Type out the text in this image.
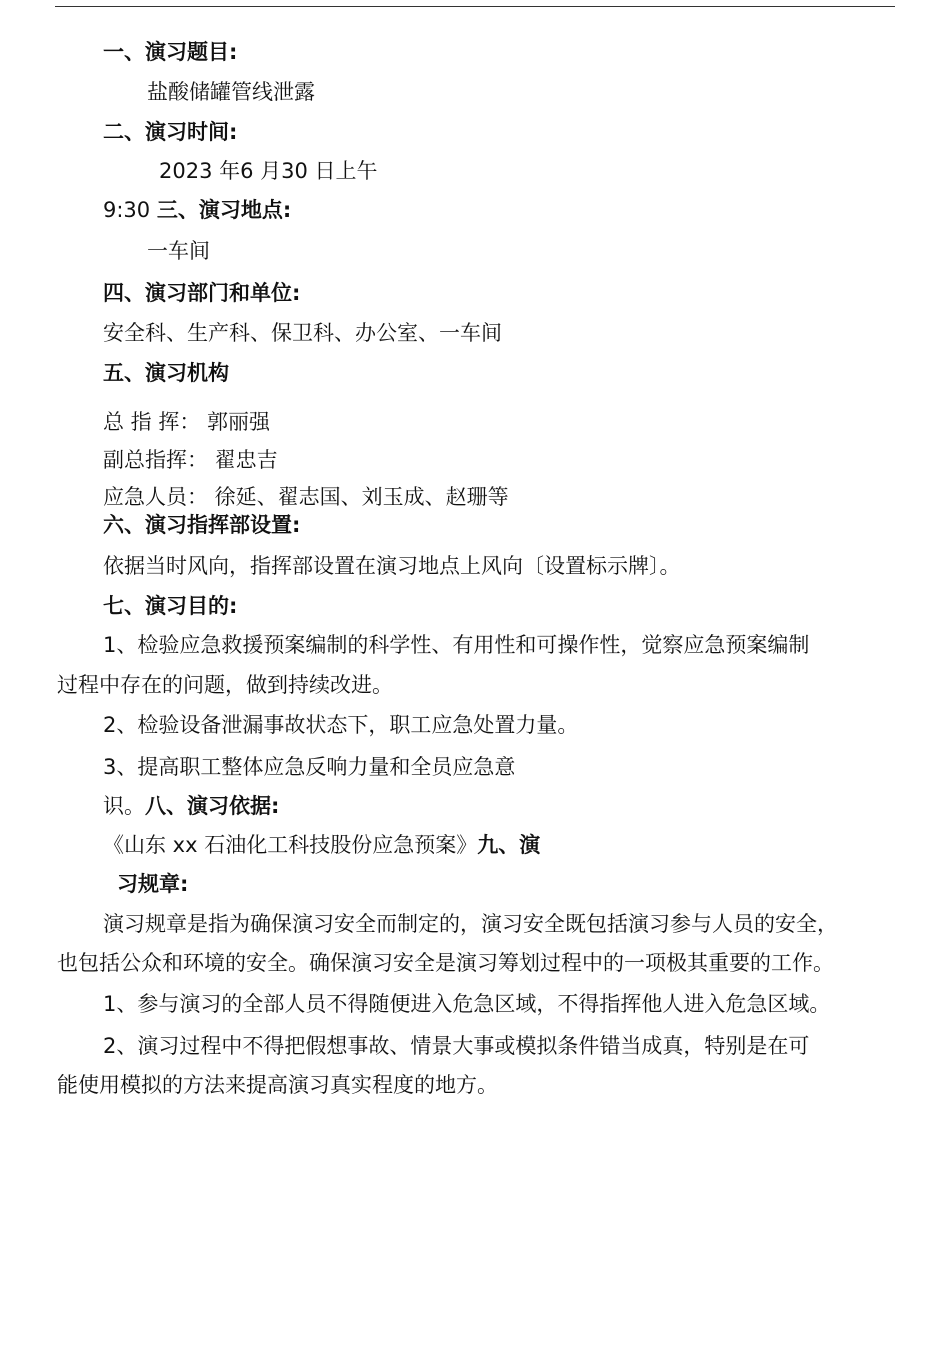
一、演习题目:
盐酸储罐管线泄露
二、演习时间:
2023 年6 月30 日上午
9:30 三、演习地点:
一车间
四、演习部门和单位:
安全科、生产科、保卫科、办公室、一车间
五、演习机构
总 指 挥： 郭丽强
副总指挥： 翟忠吉
应急人员： 徐延、翟志国、刘玉成、赵珊等
六、演习指挥部设置:
依据当时风向，指挥部设置在演习地点上风向〔设置标示牌〕。
七、演习目的:
1、检验应急救援预案编制的科学性、有用性和可操作性，觉察应急预案编制
过程中存在的问题，做到持续改进。
2、检验设备泄漏事故状态下，职工应急处置力量。
3、提高职工整体应急反响力量和全员应急意
识。八、演习依据:
《山东 xx 石油化工科技股份应急预案》九、演
习规章:
演习规章是指为确保演习安全而制定的，演习安全既包括演习参与人员的安全，
也包括公众和环境的安全。确保演习安全是演习筹划过程中的一项极其重要的工作。
1、参与演习的全部人员不得随便进入危急区域，不得指挥他人进入危急区域。
2、演习过程中不得把假想事故、情景大事或模拟条件错当成真，特别是在可
能使用模拟的方法来提高演习真实程度的地方。
